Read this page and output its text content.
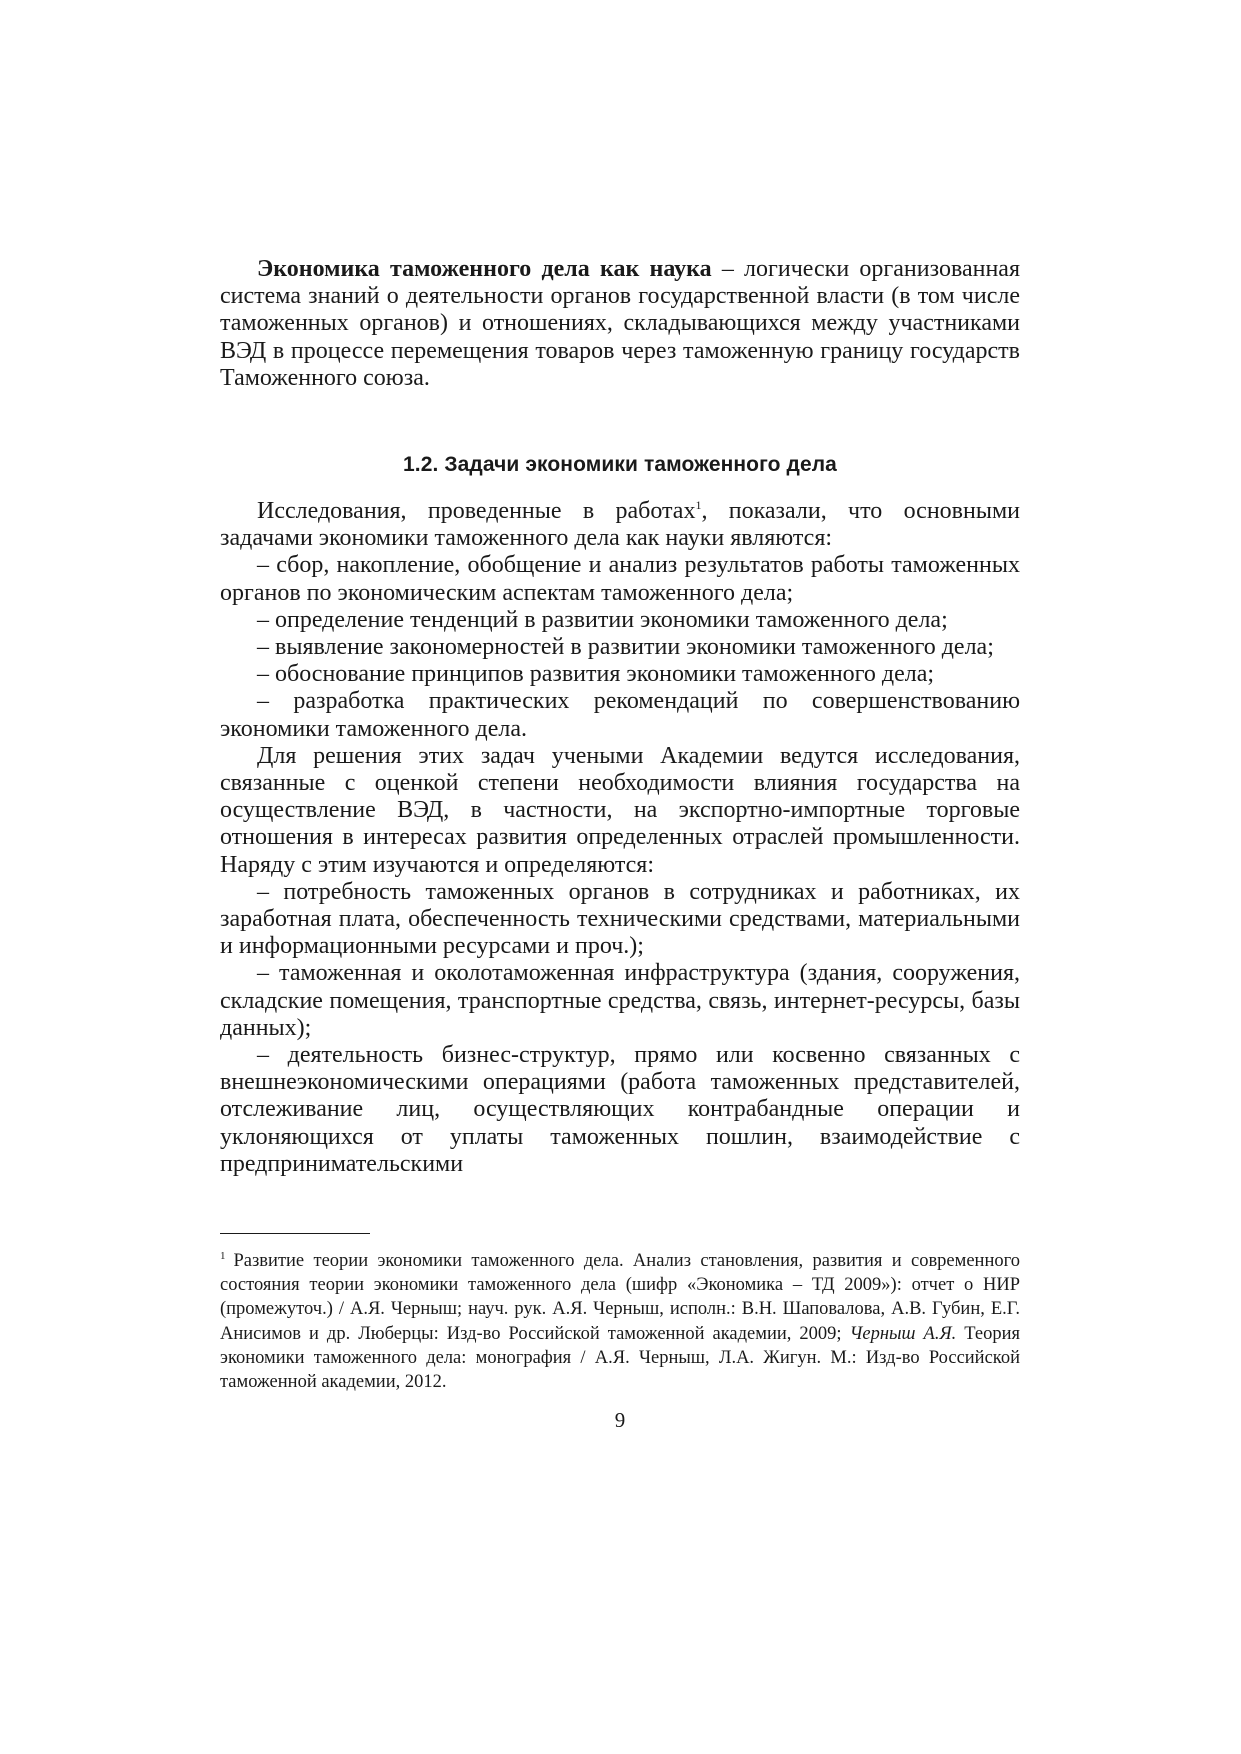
Экономика таможенного дела как наука – логически организованная система знаний о деятельности органов государственной власти (в том числе таможенных органов) и отношениях, складывающихся между участниками ВЭД в процессе перемещения товаров через таможенную границу государств Таможенного союза.

1.2. Задачи экономики таможенного дела

Исследования, проведенные в работах$^1$, показали, что основными задачами экономики таможенного дела как науки являются:

– сбор, накопление, обобщение и анализ результатов работы таможенных органов по экономическим аспектам таможенного дела;

– определение тенденций в развитии экономики таможенного дела;

– выявление закономерностей в развитии экономики таможенного дела;

– обоснование принципов развития экономики таможенного дела;

– разработка практических рекомендаций по совершенствованию экономики таможенного дела.

Для решения этих задач учеными Академии ведутся исследования, связанные с оценкой степени необходимости влияния государства на осуществление ВЭД, в частности, на экспортно-импортные торговые отношения в интересах развития определенных отраслей промышленности. Наряду с этим изучаются и определяются:

– потребность таможенных органов в сотрудниках и работниках, их заработная плата, обеспеченность техническими средствами, материальными и информационными ресурсами и проч.);

– таможенная и околотаможенная инфраструктура (здания, сооружения, складские помещения, транспортные средства, связь, интернет-ресурсы, базы данных);

– деятельность бизнес-структур, прямо или косвенно связанных с внешнеэкономическими операциями (работа таможенных представителей, отслеживание лиц, осуществляющих контрабандные операции и уклоняющихся от уплаты таможенных пошлин, взаимодействие с предпринимательскими

$^1$ Развитие теории экономики таможенного дела. Анализ становления, развития и современного состояния теории экономики таможенного дела (шифр «Экономика – ТД 2009»): отчет о НИР (промежуточ.) / А.Я. Черныш; науч. рук. А.Я. Черныш, исполн.: В.Н. Шаповалова, А.В. Губин, Е.Г. Анисимов и др. Люберцы: Изд-во Российской таможенной академии, 2009; Черныш А.Я. Теория экономики таможенного дела: монография / А.Я. Черныш, Л.А. Жигун. М.: Изд-во Российской таможенной академии, 2012.

9
